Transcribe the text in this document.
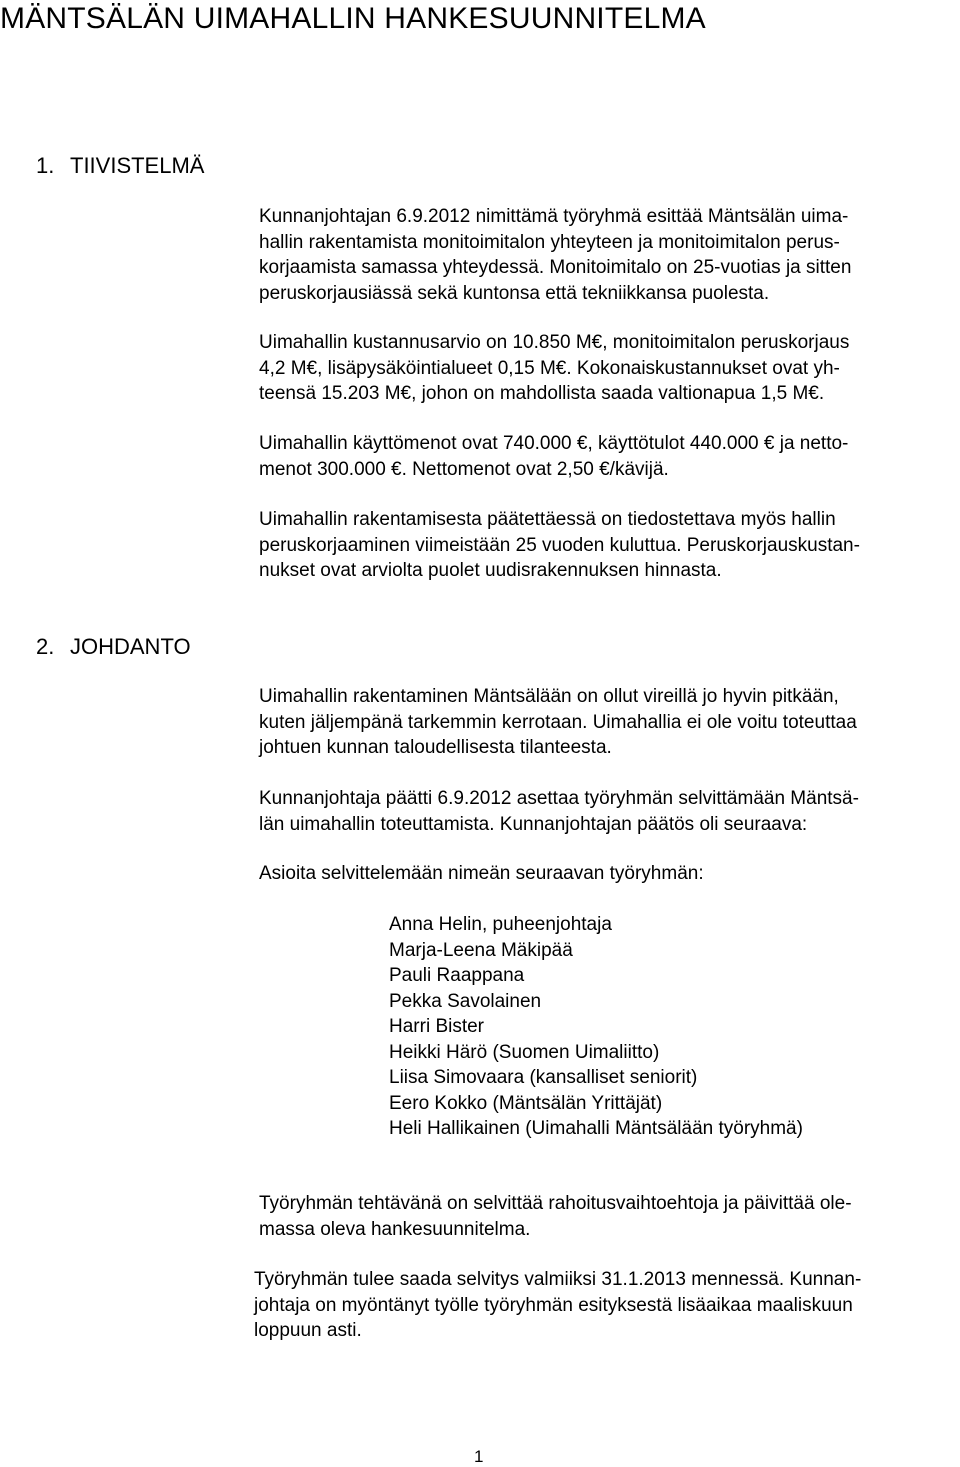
MÄNTSÄLÄN UIMAHALLIN HANKESUUNNITELMA
1. TIIVISTELMÄ

Kunnanjohtajan 6.9.2012 nimittämä työryhmä esittää Mäntsälän uima-

hallin rakentamista monitoimitalon yhteyteen ja monitoimitalon perus-

korjaamista samassa yhteydessä. Monitoimitalo on 25-vuotias ja sitten

peruskorjausiässä sekä kuntonsa että tekniikkansa puolesta.

Uimahallin kustannusarvio on 10.850 M€, monitoimitalon peruskorjaus

4,2 M€, lisäpysäköintialueet 0,15 M€. Kokonaiskustannukset ovat yh-

teensä 15.203 M€, johon on mahdollista saada valtionapua 1,5 M€.

Uimahallin käyttömenot ovat 740.000 €, käyttötulot 440.000 € ja netto-

menot 300.000 €. Nettomenot ovat 2,50 €/kävijä.

Uimahallin rakentamisesta päätettäessä on tiedostettava myös hallin

peruskorjaaminen viimeistään 25 vuoden kuluttua. Peruskorjauskustan-

nukset ovat arviolta puolet uudisrakennuksen hinnasta.

2. JOHDANTO

Uimahallin rakentaminen Mäntsälään on ollut vireillä jo hyvin pitkään,

kuten jäljempänä tarkemmin kerrotaan. Uimahallia ei ole voitu toteuttaa

johtuen kunnan taloudellisesta tilanteesta.

Kunnanjohtaja päätti 6.9.2012 asettaa työryhmän selvittämään Mäntsä-

län uimahallin toteuttamista. Kunnanjohtajan päätös oli seuraava:

Asioita selvittelemään nimeän seuraavan työryhmän:

Anna Helin, puheenjohtaja
Marja-Leena Mäkipää
Pauli Raappana
Pekka Savolainen
Harri Bister
Heikki Härö (Suomen Uimaliitto)
Liisa Simovaara (kansalliset seniorit)
Eero Kokko (Mäntsälän Yrittäjät)
Heli Hallikainen (Uimahalli Mäntsälään työryhmä)

Työryhmän tehtävänä on selvittää rahoitusvaihtoehtoja ja päivittää ole-

massa oleva hankesuunnitelma.

Työryhmän tulee saada selvitys valmiiksi 31.1.2013 mennessä. Kunnan-

johtaja on myöntänyt työlle työryhmän esityksestä lisäaikaa maaliskuun

loppuun asti.

1
